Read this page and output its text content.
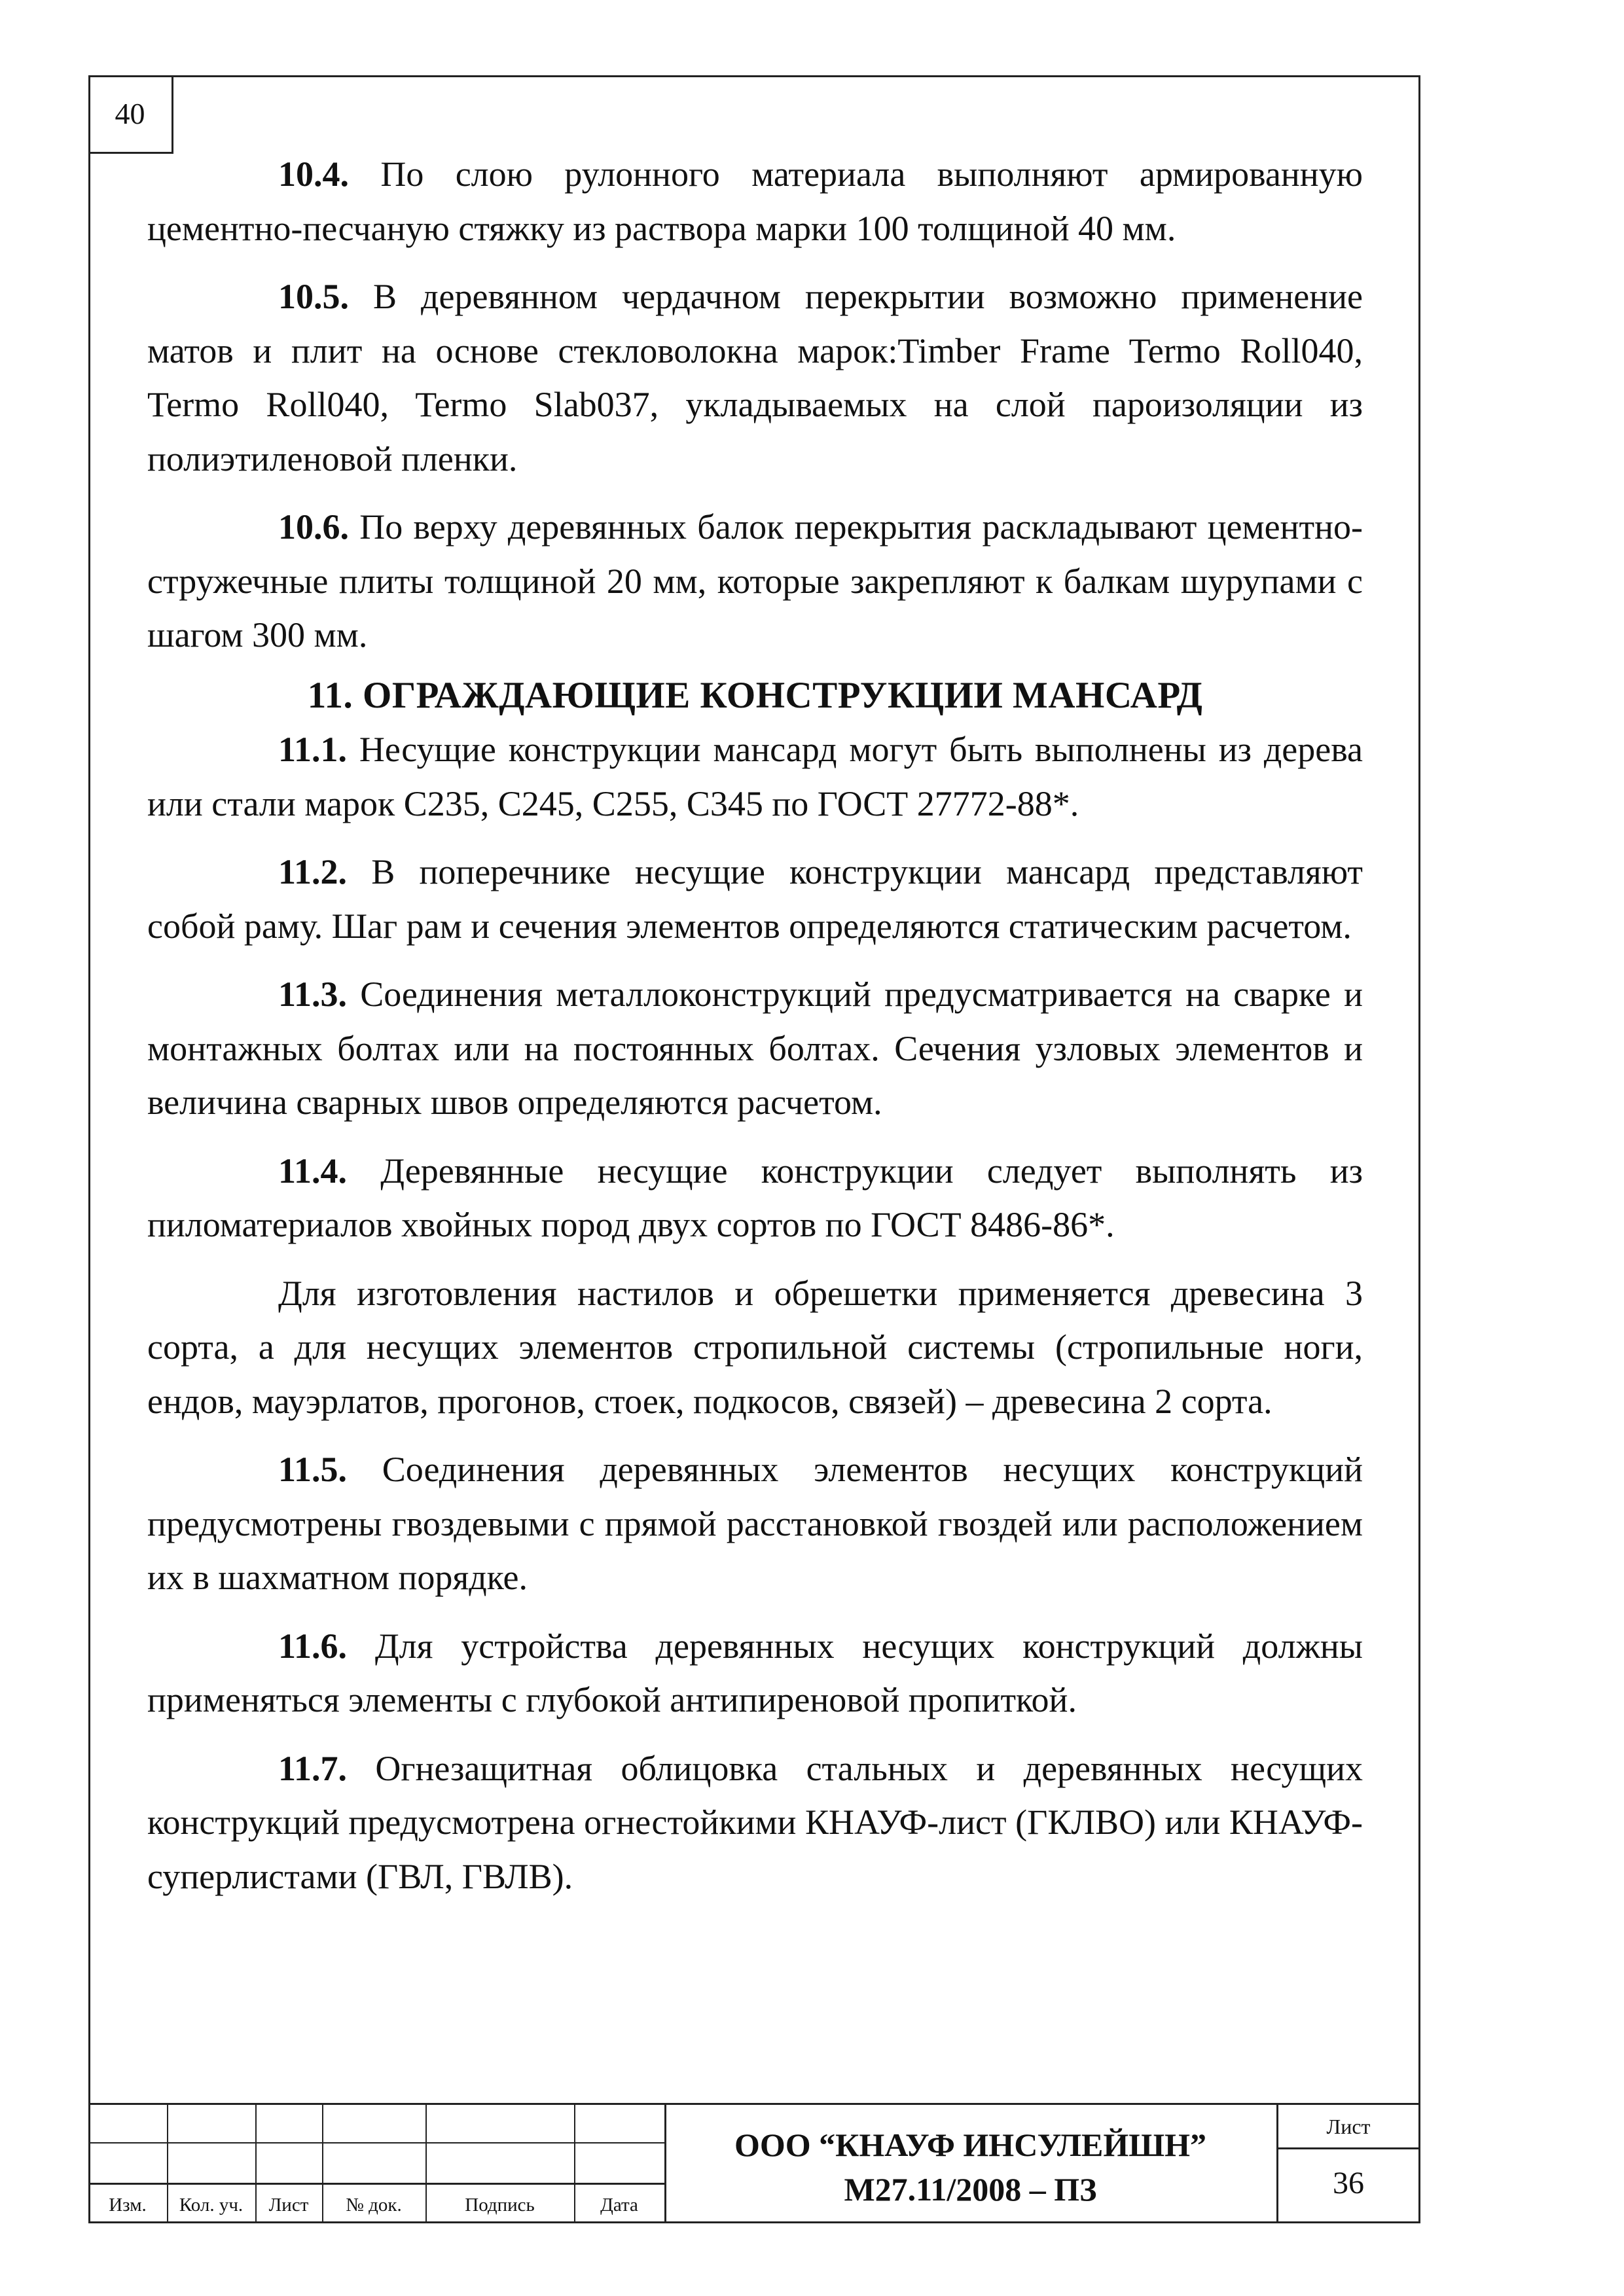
40

10.4. По слою рулонного материала выполняют армированную цементно-песчаную стяжку из раствора марки 100 толщиной 40 мм.

10.5. В деревянном чердачном перекрытии возможно применение матов и плит на основе стекловолокна марок:Timber Frame Termo Roll040, Termo Roll040, Termo Slab037, укладываемых на слой пароизоляции из полиэтиленовой пленки.

10.6. По верху деревянных балок перекрытия раскладывают цементно-стружечные плиты толщиной 20 мм, которые закрепляют к балкам шурупами с шагом 300 мм.

11. ОГРАЖДАЮЩИЕ КОНСТРУКЦИИ МАНСАРД

11.1. Несущие конструкции мансард могут быть выполнены из дерева или стали марок С235, С245, С255, С345 по ГОСТ 27772-88*.

11.2. В поперечнике несущие конструкции мансард представляют собой раму. Шаг рам и сечения элементов определяются статическим расчетом.

11.3. Соединения металлоконструкций предусматривается на сварке и монтажных болтах или на постоянных болтах. Сечения узловых элементов и величина сварных швов определяются расчетом.

11.4. Деревянные несущие конструкции следует выполнять из пиломатериалов хвойных пород двух сортов по ГОСТ 8486-86*.

Для изготовления настилов и обрешетки применяется древесина 3 сорта, а для несущих элементов стропильной системы (стропильные ноги, ендов, мауэрлатов, прогонов, стоек, подкосов, связей) – древесина 2 сорта.

11.5. Соединения деревянных элементов несущих конструкций предусмотрены гвоздевыми с прямой расстановкой гвоздей или расположением их в шахматном порядке.

11.6. Для устройства деревянных несущих конструкций должны применяться элементы с глубокой антипиреновой пропиткой.

11.7. Огнезащитная облицовка стальных и деревянных несущих конструкций предусмотрена огнестойкими КНАУФ-лист (ГКЛВО) или КНАУФ-суперлистами (ГВЛ, ГВЛВ).

Изм.	Кол. уч.	Лист	№ док.	Подпись	Дата
ООО “КНАУФ ИНСУЛЕЙШН”
М27.11/2008 – ПЗ
Лист
36
